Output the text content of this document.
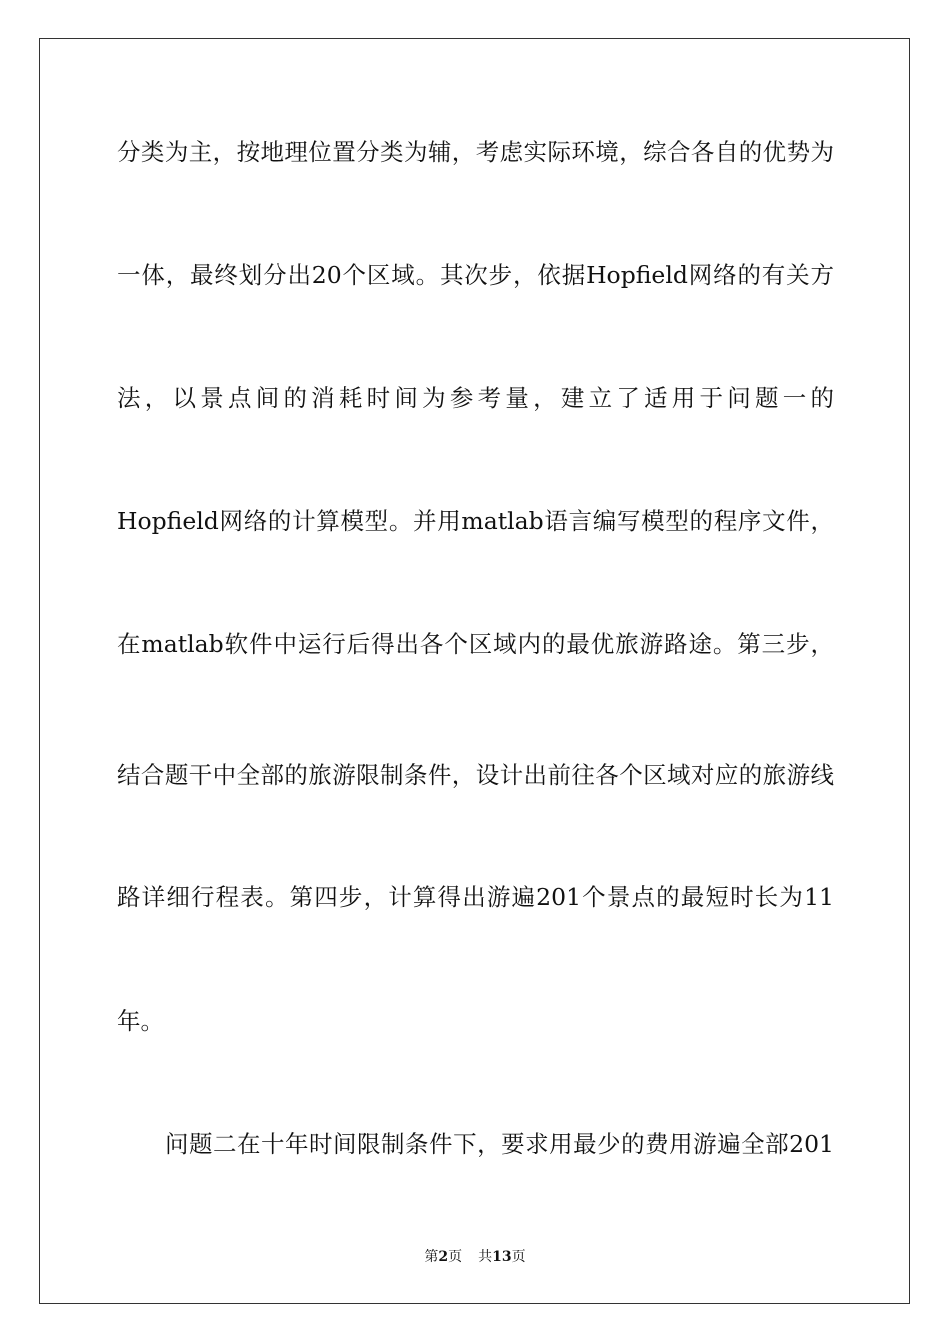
分类为主，按地理位置分类为辅，考虑实际环境，综合各自的优势为
一体，最终划分出20个区域。其次步，依据Hopfield网络的有关方
法，以景点间的消耗时间为参考量，建立了适用于问题一的
Hopfield网络的计算模型。并用matlab语言编写模型的程序文件，
在matlab软件中运行后得出各个区域内的最优旅游路途。第三步，
结合题干中全部的旅游限制条件，设计出前往各个区域对应的旅游线
路详细行程表。第四步，计算得出游遍201个景点的最短时长为11
年。
问题二在十年时间限制条件下，要求用最少的费用游遍全部201
第2页 共13页
